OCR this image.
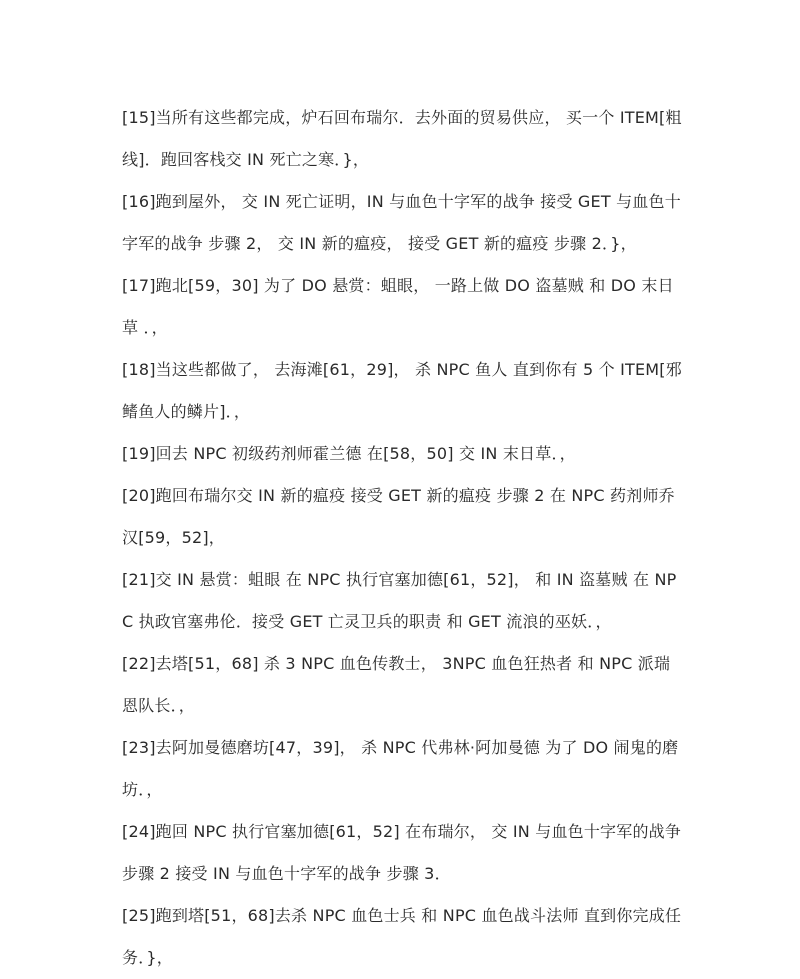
[15]当所有这些都完成，炉石回布瑞尔．去外面的贸易供应， 买一个 ITEM[粗线]．跑回客栈交 IN 死亡之寒．}，

[16]跑到屋外， 交 IN 死亡证明，IN 与血色十字军的战争 接受 GET 与血色十字军的战争 步骤 2， 交 IN 新的瘟疫， 接受 GET 新的瘟疫 步骤 2．}，

[17]跑北[59，30] 为了 DO 悬赏：蛆眼， 一路上做 DO 盗墓贼 和 DO 末日草 ．，

[18]当这些都做了， 去海滩[61，29]， 杀 NPC 鱼人 直到你有 5 个 ITEM[邪鳍鱼人的鳞片]．，

[19]回去 NPC 初级药剂师霍兰德 在[58，50] 交 IN 末日草．，

[20]跑回布瑞尔交 IN 新的瘟疫 接受 GET 新的瘟疫 步骤 2 在 NPC 药剂师乔汉[59，52]，

[21]交 IN 悬赏：蛆眼 在 NPC 执行官塞加德[61，52]， 和 IN 盗墓贼 在 NPC 执政官塞弗伦．接受 GET 亡灵卫兵的职责 和 GET 流浪的巫妖．，

[22]去塔[51，68] 杀 3 NPC 血色传教士， 3NPC 血色狂热者 和 NPC 派瑞恩队长．，

[23]去阿加曼德磨坊[47，39]， 杀 NPC 代弗林·阿加曼德 为了 DO 闹鬼的磨坊．，

[24]跑回 NPC 执行官塞加德[61，52] 在布瑞尔， 交 IN 与血色十字军的战争 步骤 2 接受 IN 与血色十字军的战争 步骤 3．

[25]跑到塔[51，68]去杀 NPC 血色士兵 和 NPC 血色战斗法师 直到你完成任务．}，
